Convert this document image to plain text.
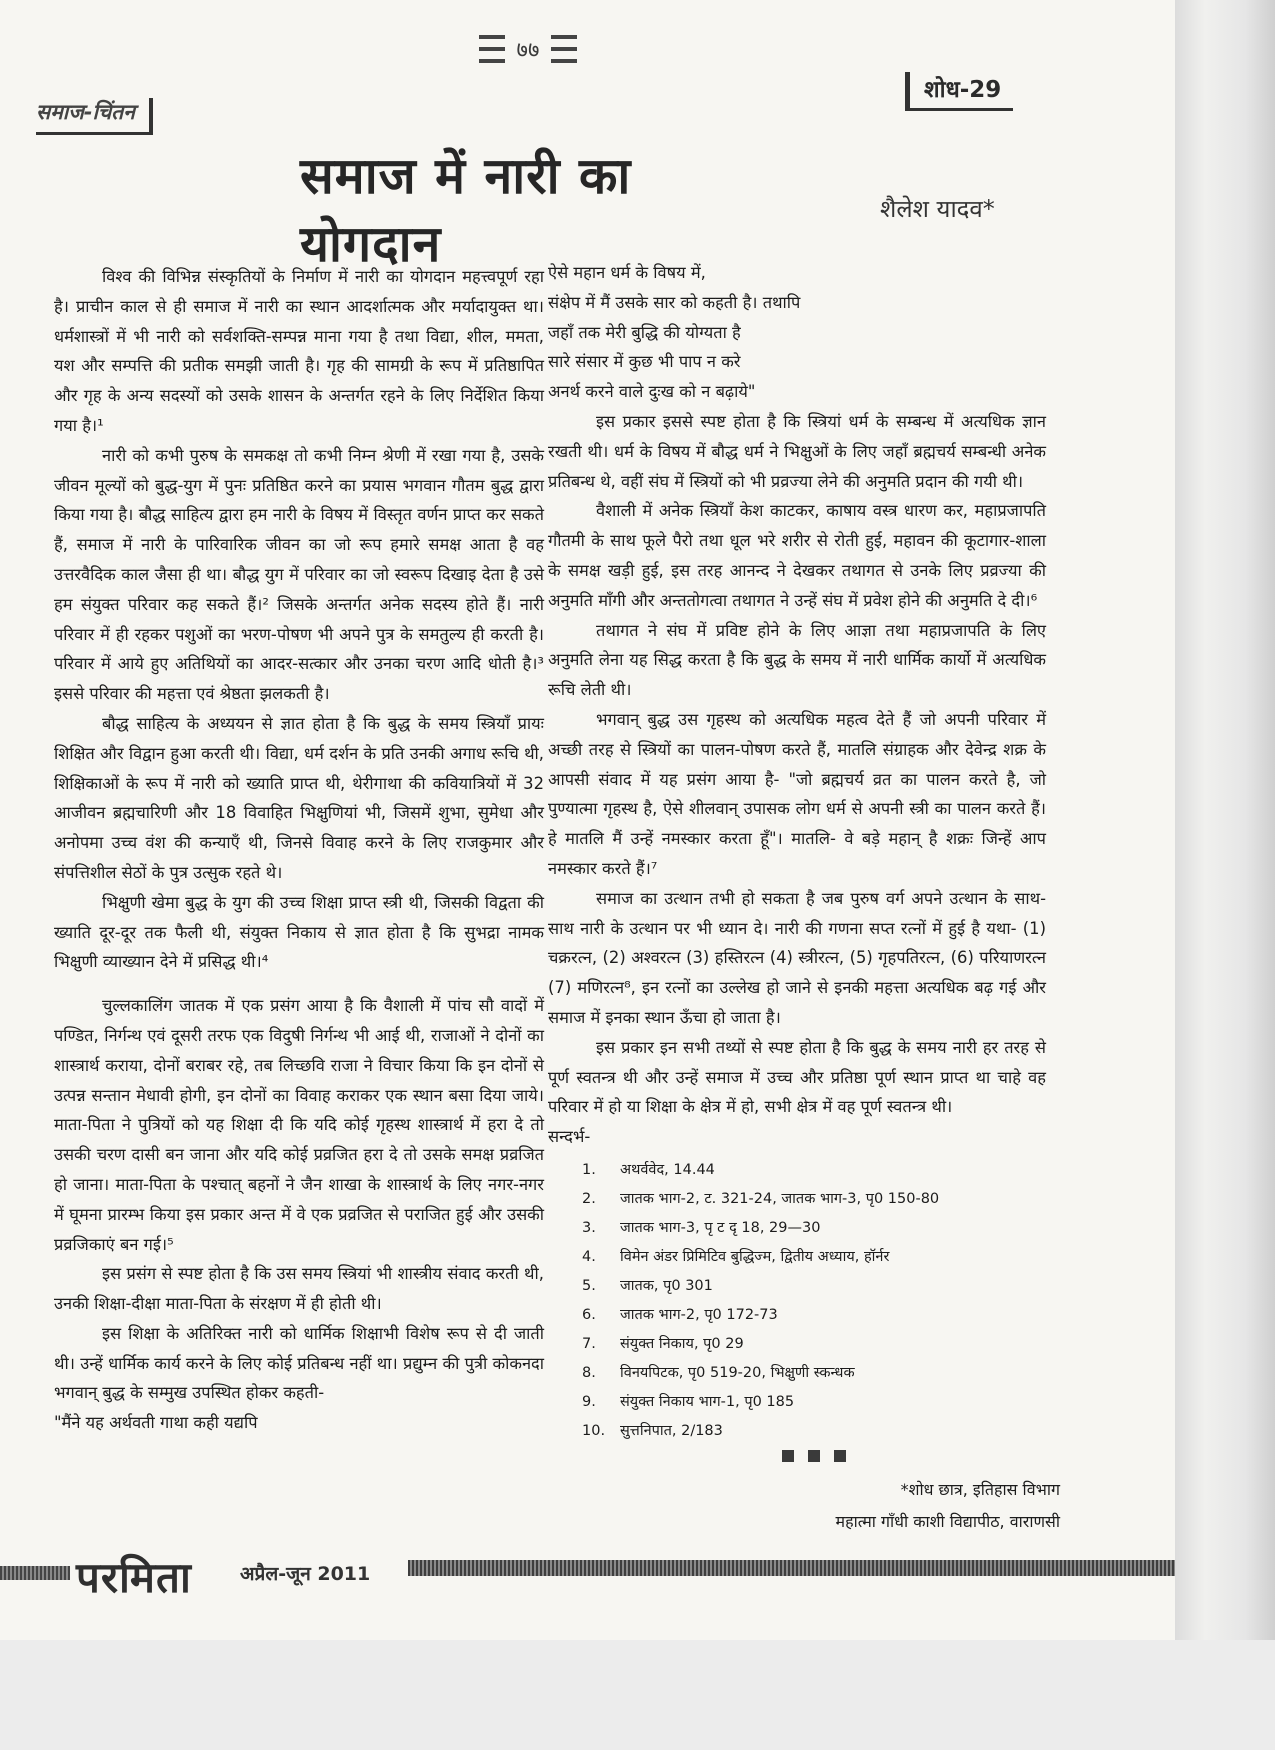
७७
समाज-चिंतन
शोध-29
समाज में नारी का योगदान
शैलेश यादव*

विश्व की विभिन्न संस्कृतियों के निर्माण में नारी का योगदान महत्त्वपूर्ण रहा है। प्राचीन काल से ही समाज में नारी का स्थान आदर्शात्मक और मर्यादायुक्त था। धर्मशास्त्रों में भी नारी को सर्वशक्ति-सम्पन्न माना गया है तथा विद्या, शील, ममता, यश और सम्पत्ति की प्रतीक समझी जाती है। गृह की सामग्री के रूप में प्रतिष्ठापित और गृह के अन्य सदस्यों को उसके शासन के अन्तर्गत रहने के लिए निर्देशित किया गया है।¹

नारी को कभी पुरुष के समकक्ष तो कभी निम्न श्रेणी में रखा गया है, उसके जीवन मूल्यों को बुद्ध-युग में पुनः प्रतिष्ठित करने का प्रयास भगवान गौतम बुद्ध द्वारा किया गया है। बौद्ध साहित्य द्वारा हम नारी के विषय में विस्तृत वर्णन प्राप्त कर सकते हैं, समाज में नारी के पारिवारिक जीवन का जो रूप हमारे समक्ष आता है वह उत्तरवैदिक काल जैसा ही था। बौद्ध युग में परिवार का जो स्वरूप दिखाइ देता है उसे हम संयुक्त परिवार कह सकते हैं।² जिसके अन्तर्गत अनेक सदस्य होते हैं। नारी परिवार में ही रहकर पशुओं का भरण-पोषण भी अपने पुत्र के समतुल्य ही करती है। परिवार में आये हुए अतिथियों का आदर-सत्कार और उनका चरण आदि धोती है।³ इससे परिवार की महत्ता एवं श्रेष्ठता झलकती है।

बौद्ध साहित्य के अध्ययन से ज्ञात होता है कि बुद्ध के समय स्त्रियाँ प्रायः शिक्षित और विद्वान हुआ करती थी। विद्या, धर्म दर्शन के प्रति उनकी अगाध रूचि थी, शिक्षिकाओं के रूप में नारी को ख्याति प्राप्त थी, थेरीगाथा की कवियात्रियों में 32 आजीवन ब्रह्मचारिणी और 18 विवाहित भिक्षुणियां भी, जिसमें शुभा, सुमेधा और अनोपमा उच्च वंश की कन्याएँ थी, जिनसे विवाह करने के लिए राजकुमार और संपत्तिशील सेठों के पुत्र उत्सुक रहते थे।

भिक्षुणी खेमा बुद्ध के युग की उच्च शिक्षा प्राप्त स्त्री थी, जिसकी विद्वता की ख्याति दूर-दूर तक फैली थी, संयुक्त निकाय से ज्ञात होता है कि सुभद्रा नामक भिक्षुणी व्याख्यान देने में प्रसिद्ध थी।⁴

चुल्लकालिंग जातक में एक प्रसंग आया है कि वैशाली में पांच सौ वादों में पण्डित, निर्गन्थ एवं दूसरी तरफ एक विदुषी निर्गन्थ भी आई थी, राजाओं ने दोनों का शास्त्रार्थ कराया, दोनों बराबर रहे, तब लिच्छवि राजा ने विचार किया कि इन दोनों से उत्पन्न सन्तान मेधावी होगी, इन दोनों का विवाह कराकर एक स्थान बसा दिया जाये। माता-पिता ने पुत्रियों को यह शिक्षा दी कि यदि कोई गृहस्थ शास्त्रार्थ में हरा दे तो उसकी चरण दासी बन जाना और यदि कोई प्रव्रजित हरा दे तो उसके समक्ष प्रव्रजित हो जाना। माता-पिता के पश्चात् बहनों ने जैन शाखा के शास्त्रार्थ के लिए नगर-नगर में घूमना प्रारम्भ किया इस प्रकार अन्त में वे एक प्रव्रजित से पराजित हुई और उसकी प्रव्रजिकाएं बन गई।⁵

इस प्रसंग से स्पष्ट होता है कि उस समय स्त्रियां भी शास्त्रीय संवाद करती थी, उनकी शिक्षा-दीक्षा माता-पिता के संरक्षण में ही होती थी।

इस शिक्षा के अतिरिक्त नारी को धार्मिक शिक्षाभी विशेष रूप से दी जाती थी। उन्हें धार्मिक कार्य करने के लिए कोई प्रतिबन्ध नहीं था। प्रद्युम्न की पुत्री कोकनदा भगवान् बुद्ध के सम्मुख उपस्थित होकर कहती-

"मैंने यह अर्थवती गाथा कही यद्यपि

ऐसे महान धर्म के विषय में,
संक्षेप में मैं उसके सार को कहती है। तथापि
जहाँ तक मेरी बुद्धि की योग्यता है
सारे संसार में कुछ भी पाप न करे
अनर्थ करने वाले दुःख को न बढ़ाये"

इस प्रकार इससे स्पष्ट होता है कि स्त्रियां धर्म के सम्बन्ध में अत्यधिक ज्ञान रखती थी। धर्म के विषय में बौद्ध धर्म ने भिक्षुओं के लिए जहाँ ब्रह्मचर्य सम्बन्धी अनेक प्रतिबन्ध थे, वहीं संघ में स्त्रियों को भी प्रव्रज्या लेने की अनुमति प्रदान की गयी थी।

वैशाली में अनेक स्त्रियाँ केश काटकर, काषाय वस्त्र धारण कर, महाप्रजापति गौतमी के साथ फूले पैरो तथा धूल भरे शरीर से रोती हुई, महावन की कूटागार-शाला के समक्ष खड़ी हुई, इस तरह आनन्द ने देखकर तथागत से उनके लिए प्रव्रज्या की अनुमति माँगी और अन्ततोगत्वा तथागत ने उन्हें संघ में प्रवेश होने की अनुमति दे दी।⁶

तथागत ने संघ में प्रविष्ट होने के लिए आज्ञा तथा महाप्रजापति के लिए अनुमति लेना यह सिद्ध करता है कि बुद्ध के समय में नारी धार्मिक कार्यो में अत्यधिक रूचि लेती थी।

भगवान् बुद्ध उस गृहस्थ को अत्यधिक महत्व देते हैं जो अपनी परिवार में अच्छी तरह से स्त्रियों का पालन-पोषण करते हैं, मातलि संग्राहक और देवेन्द्र शक्र के आपसी संवाद में यह प्रसंग आया है- "जो ब्रह्मचर्य व्रत का पालन करते है, जो पुण्यात्मा गृहस्थ है, ऐसे शीलवान् उपासक लोग धर्म से अपनी स्त्री का पालन करते हैं। हे मातलि मैं उन्हें नमस्कार करता हूँ"। मातलि- वे बड़े महान् है शक्रः जिन्हें आप नमस्कार करते हैं।⁷

समाज का उत्थान तभी हो सकता है जब पुरुष वर्ग अपने उत्थान के साथ-साथ नारी के उत्थान पर भी ध्यान दे। नारी की गणना सप्त रत्नों में हुई है यथा- (1) चक्ररत्न, (2) अश्वरत्न (3) हस्तिरत्न (4) स्त्रीरत्न, (5) गृहपतिरत्न, (6) परियाणरत्न (7) मणिरत्न⁸, इन रत्नों का उल्लेख हो जाने से इनकी महत्ता अत्यधिक बढ़ गई और समाज में इनका स्थान ऊँचा हो जाता है।

इस प्रकार इन सभी तथ्यों से स्पष्ट होता है कि बुद्ध के समय नारी हर तरह से पूर्ण स्वतन्त्र थी और उन्हें समाज में उच्च और प्रतिष्ठा पूर्ण स्थान प्राप्त था चाहे वह परिवार में हो या शिक्षा के क्षेत्र में हो, सभी क्षेत्र में वह पूर्ण स्वतन्त्र थी।

सन्दर्भ-

1.	अथर्ववेद, 14.44
2.	जातक भाग-2, ट. 321-24, जातक भाग-3, पृ0 150-80
3.	जातक भाग-3, पृ ट दृ 18, 29—30
4.	विमेन अंडर प्रिमिटिव बुद्धिज्म, द्वितीय अध्याय, हॉर्नर
5.	जातक, पृ0 301
6.	जातक भाग-2, पृ0 172-73
7.	संयुक्त निकाय, पृ0 29
8.	विनयपिटक, पृ0 519-20, भिक्षुणी स्कन्धक
9.	संयुक्त निकाय भाग-1, पृ0 185
10.	सुत्तनिपात, 2/183
*शोध छात्र, इतिहास विभाग
महात्मा गाँधी काशी विद्यापीठ, वाराणसी
परमिता	अप्रैल-जून 2011
